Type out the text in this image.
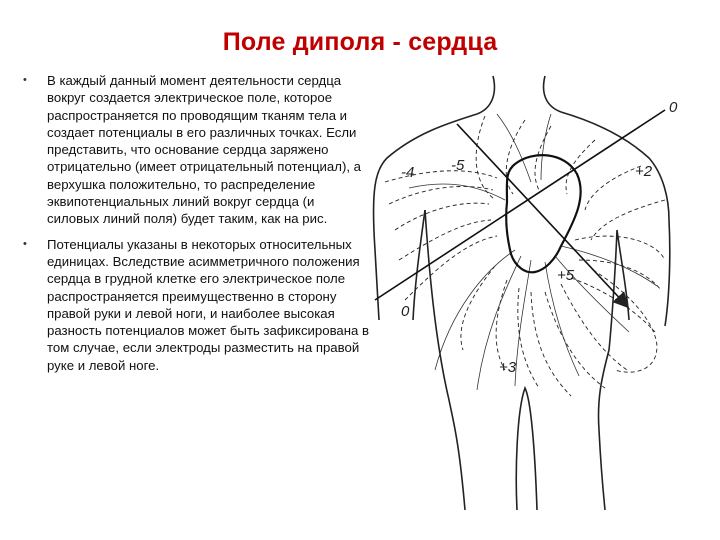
Поле диполя - сердца
• В каждый данный момент деятельности сердца вокруг создается электрическое поле, которое распространяется по проводящим тканям тела и создает потенциалы в его различных точках. Если представить, что основание сердца заряжено отрицательно (имеет отрицательный потенциал), а верхушка положительно, то распределение эквипотенциальных линий вокруг сердца (и силовых линий поля) будет таким, как на рис.
• Потенциалы указаны в некоторых относительных единицах. Вследствие асимметричного положения сердца в грудной клетке его электрическое поле распространяется преимущественно в сторону правой руки и левой ноги, и наиболее высокая разность потенциалов может быть зафиксирована в том случае, если электроды разместить на правой руке и левой ноге.
0
-4 -5	+2
+5
0
+3
